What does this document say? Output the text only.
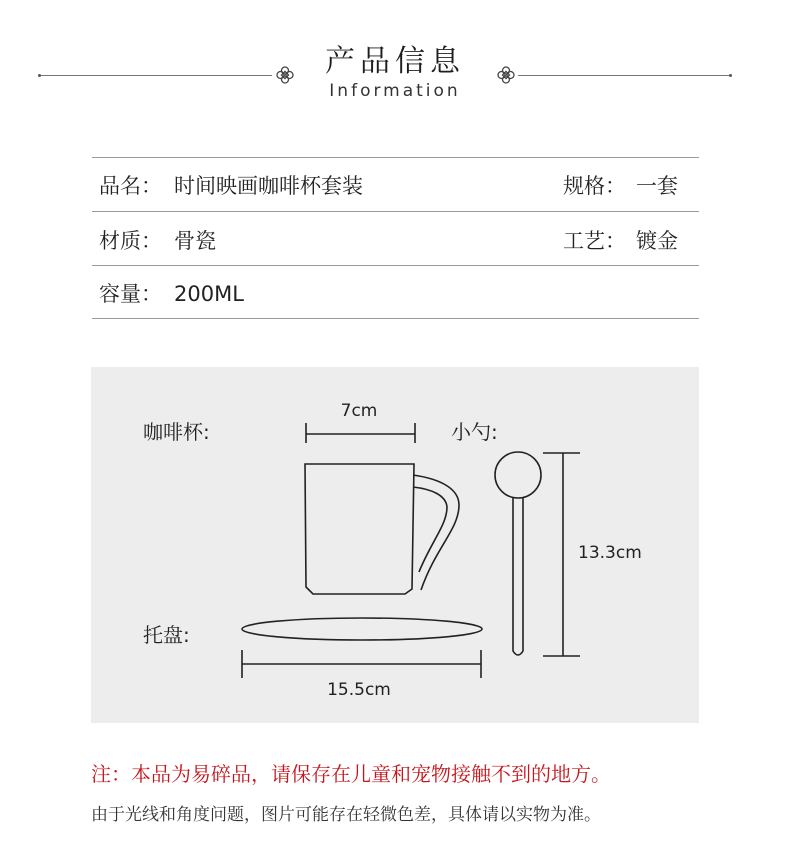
产品信息
Information
品名： 时间映画咖啡杯套装	规格： 一套
材质： 骨瓷	工艺： 镀金
容量： 200ML
咖啡杯:	小勺:
托盘:
7cm
13.3cm
15.5cm
注：本品为易碎品，请保存在儿童和宠物接触不到的地方。
由于光线和角度问题，图片可能存在轻微色差，具体请以实物为准。
